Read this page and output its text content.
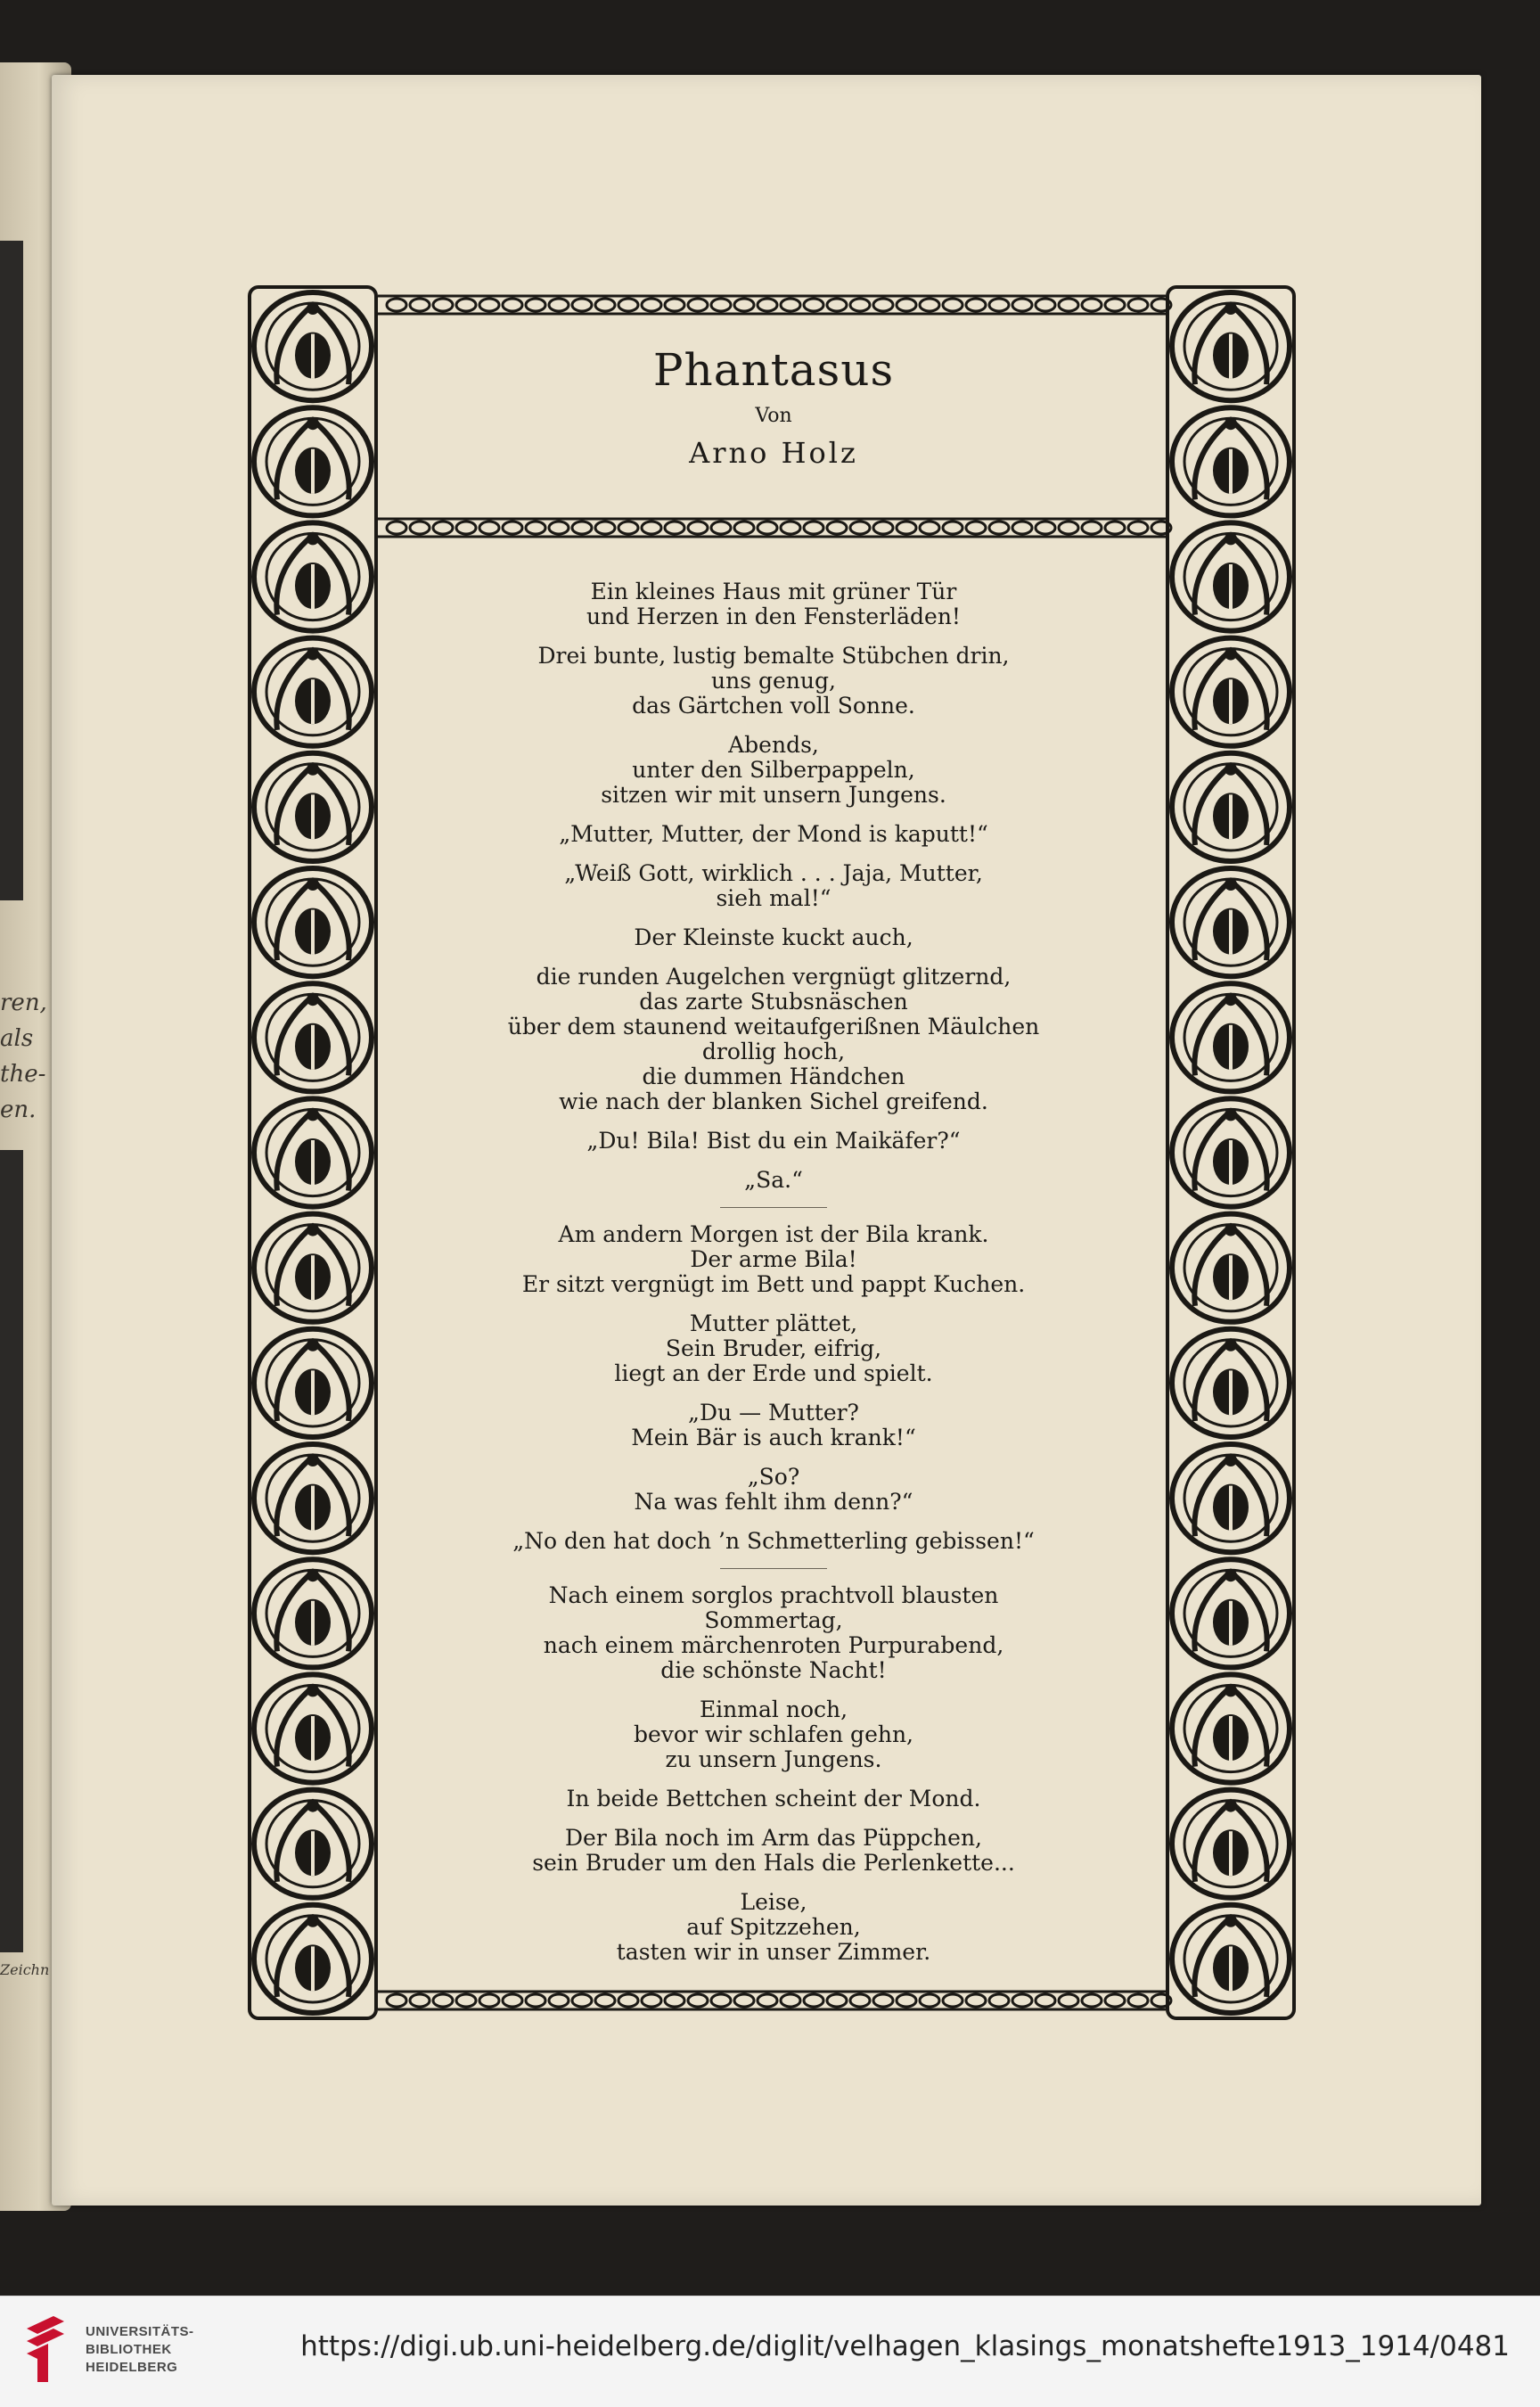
ren,
als
the-
en.
Zeichn
Phantasus
Von
Arno Holz
Ein kleines Haus mit grüner Tür
und Herzen in den Fensterläden!
Drei bunte, lustig bemalte Stübchen drin,
uns genug,
das Gärtchen voll Sonne.
Abends,
unter den Silberpappeln,
sitzen wir mit unsern Jungens.
„Mutter, Mutter, der Mond is kaputt!“
„Weiß Gott, wirklich . . . Jaja, Mutter,
sieh mal!“
Der Kleinste kuckt auch,
die runden Augelchen vergnügt glitzernd,
das zarte Stubsnäschen
über dem staunend weitaufgerißnen Mäulchen
drollig hoch,
die dummen Händchen
wie nach der blanken Sichel greifend.
„Du! Bila! Bist du ein Maikäfer?“
„Sa.“
Am andern Morgen ist der Bila krank.
Der arme Bila!
Er sitzt vergnügt im Bett und pappt Kuchen.
Mutter plättet,
Sein Bruder, eifrig,
liegt an der Erde und spielt.
„Du — Mutter?
Mein Bär is auch krank!“
„So?
Na was fehlt ihm denn?“
„No den hat doch ’n Schmetterling gebissen!“
Nach einem sorglos prachtvoll blausten
Sommertag,
nach einem märchenroten Purpurabend,
die schönste Nacht!
Einmal noch,
bevor wir schlafen gehn,
zu unsern Jungens.
In beide Bettchen scheint der Mond.
Der Bila noch im Arm das Püppchen,
sein Bruder um den Hals die Perlenkette...
Leise,
auf Spitzzehen,
tasten wir in unser Zimmer.
UNIVERSITÄTS-
BIBLIOTHEK
HEIDELBERG
https://digi.ub.uni-heidelberg.de/diglit/velhagen_klasings_monatshefte1913_1914/0481
